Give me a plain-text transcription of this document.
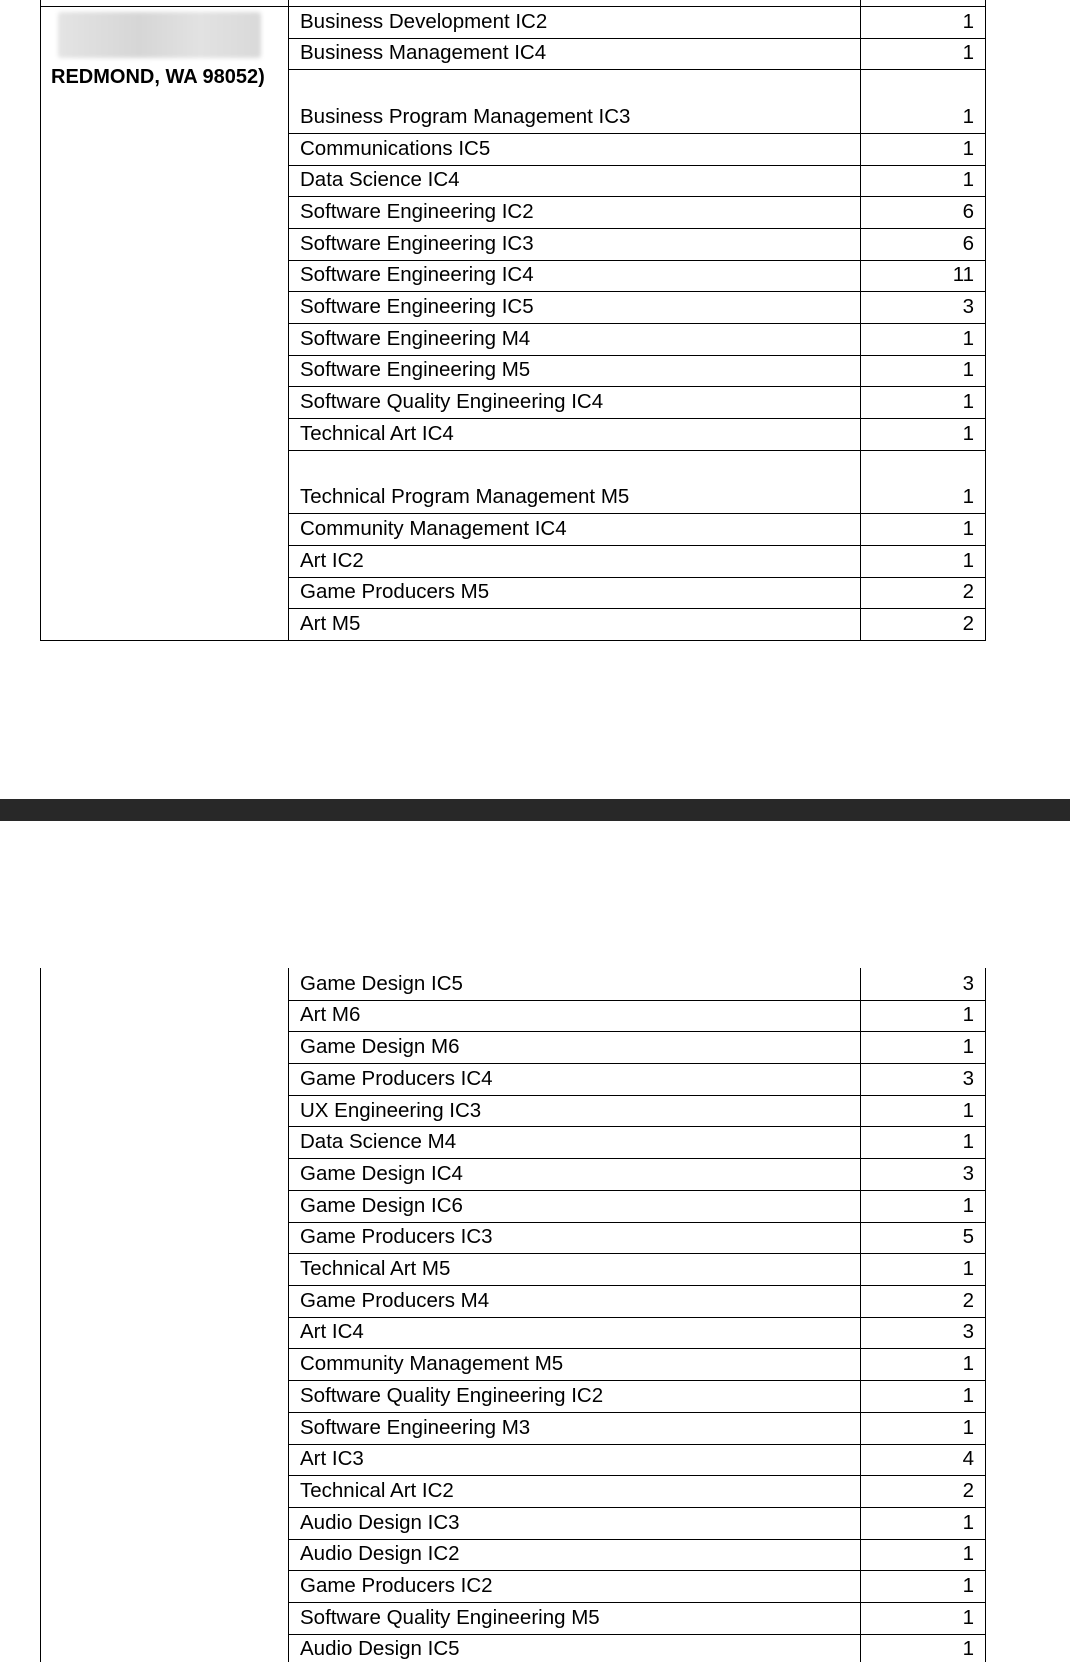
REDMOND, WA 98052)
Business Development IC2	1
Business Management IC4	1
Business Program Management IC3	1
Communications IC5	1
Data Science IC4	1
Software Engineering IC2	6
Software Engineering IC3	6
Software Engineering IC4	11
Software Engineering IC5	3
Software Engineering M4	1
Software Engineering M5	1
Software Quality Engineering IC4	1
Technical Art IC4	1
Technical Program Management M5	1
Community Management IC4	1
Art IC2	1
Game Producers M5	2
Art M5	2
Game Design IC5	3
Art M6	1
Game Design M6	1
Game Producers IC4	3
UX Engineering IC3	1
Data Science M4	1
Game Design IC4	3
Game Design IC6	1
Game Producers IC3	5
Technical Art M5	1
Game Producers M4	2
Art IC4	3
Community Management M5	1
Software Quality Engineering IC2	1
Software Engineering M3	1
Art IC3	4
Technical Art IC2	2
Audio Design IC3	1
Audio Design IC2	1
Game Producers IC2	1
Software Quality Engineering M5	1
Audio Design IC5	1
